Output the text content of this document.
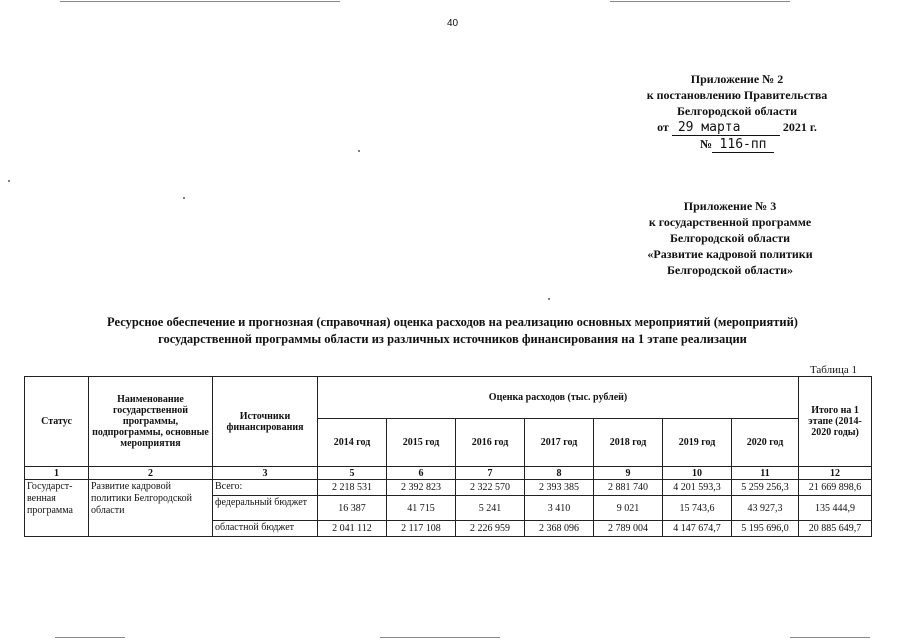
40
Приложение № 2
к постановлению Правительства
Белгородской области
от 29 марта	2021 г.
№ 116-пп
Приложение № 3
к государственной программе
Белгородской области
«Развитие кадровой политики
Белгородской области»
Ресурсное обеспечение и прогнозная (справочная) оценка расходов на реализацию основных мероприятий (мероприятий)
государственной программы области из различных источников финансирования на 1 этапе реализации
Таблица 1
Статус	Наименование государственной программы, подпрограммы, основные мероприятия	Источники финансирования	Оценка расходов (тыс. рублей)							Итого на 1 этапе (2014-2020 годы)
			2014 год	2015 год	2016 год	2017 год	2018 год	2019 год	2020 год	
1	2	3	5	6	7	8	9	10	11	12
Государст-венная программа	Развитие кадровой политики Белгородской области	Всего:	2 218 531	2 392 823	2 322 570	2 393 385	2 881 740	4 201 593,3	5 259 256,3	21 669 898,6
		федеральный бюджет	16 387	41 715	5 241	3 410	9 021	15 743,6	43 927,3	135 444,9
		областной бюджет	2 041 112	2 117 108	2 226 959	2 368 096	2 789 004	4 147 674,7	5 195 696,0	20 885 649,7
